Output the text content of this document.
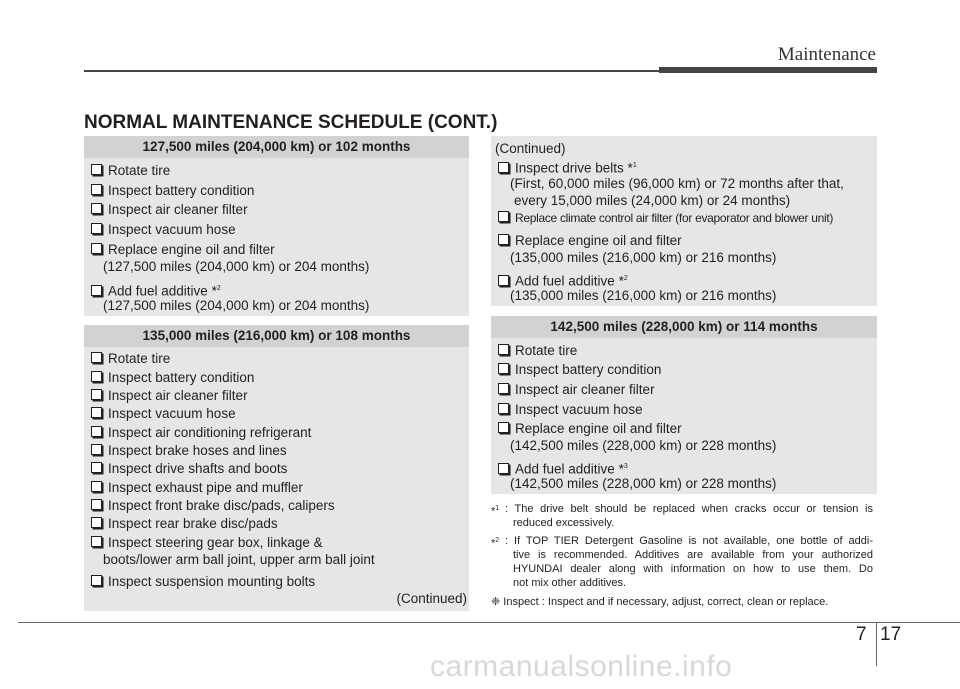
Maintenance
NORMAL MAINTENANCE SCHEDULE (CONT.)
127,500 miles (204,000 km) or 102 months
Rotate tire
Inspect battery condition
Inspect air cleaner filter
Inspect vacuum hose
Replace engine oil and filter
(127,500 miles (204,000 km) or 204 months)
Add fuel additive *$^2$
(127,500 miles (204,000 km) or 204 months)
135,000 miles (216,000 km) or 108 months
Rotate tire
Inspect battery condition
Inspect air cleaner filter
Inspect vacuum hose
Inspect air conditioning refrigerant
Inspect brake hoses and lines
Inspect drive shafts and boots
Inspect exhaust pipe and muffler
Inspect front brake disc/pads, calipers
Inspect rear brake disc/pads
Inspect steering gear box, linkage &
boots/lower arm ball joint, upper arm ball joint
Inspect suspension mounting bolts
(Continued)
(Continued)
Inspect drive belts *$^1$
(First, 60,000 miles (96,000 km) or 72 months after that,
every 15,000 miles (24,000 km) or 24 months)
Replace climate control air filter (for evaporator and blower unit)
Replace engine oil and filter
(135,000 miles (216,000 km) or 216 months)
Add fuel additive *$^2$
(135,000 miles (216,000 km) or 216 months)
142,500 miles (228,000 km) or 114 months
Rotate tire
Inspect battery condition
Inspect air cleaner filter
Inspect vacuum hose
Replace engine oil and filter
(142,500 miles (228,000 km) or 228 months)
Add fuel additive *$^3$
(142,500 miles (228,000 km) or 228 months)
*$^1$ : The drive belt should be replaced when cracks occur or tension is
reduced excessively.
*$^2$ : If TOP TIER Detergent Gasoline is not available, one bottle of addi-
tive is recommended. Additives are available from your authorized
HYUNDAI dealer along with information on how to use them. Do
not mix other additives.
❈ Inspect : Inspect and if necessary, adjust, correct, clean or replace.
7 17
carmanualsonline.info
